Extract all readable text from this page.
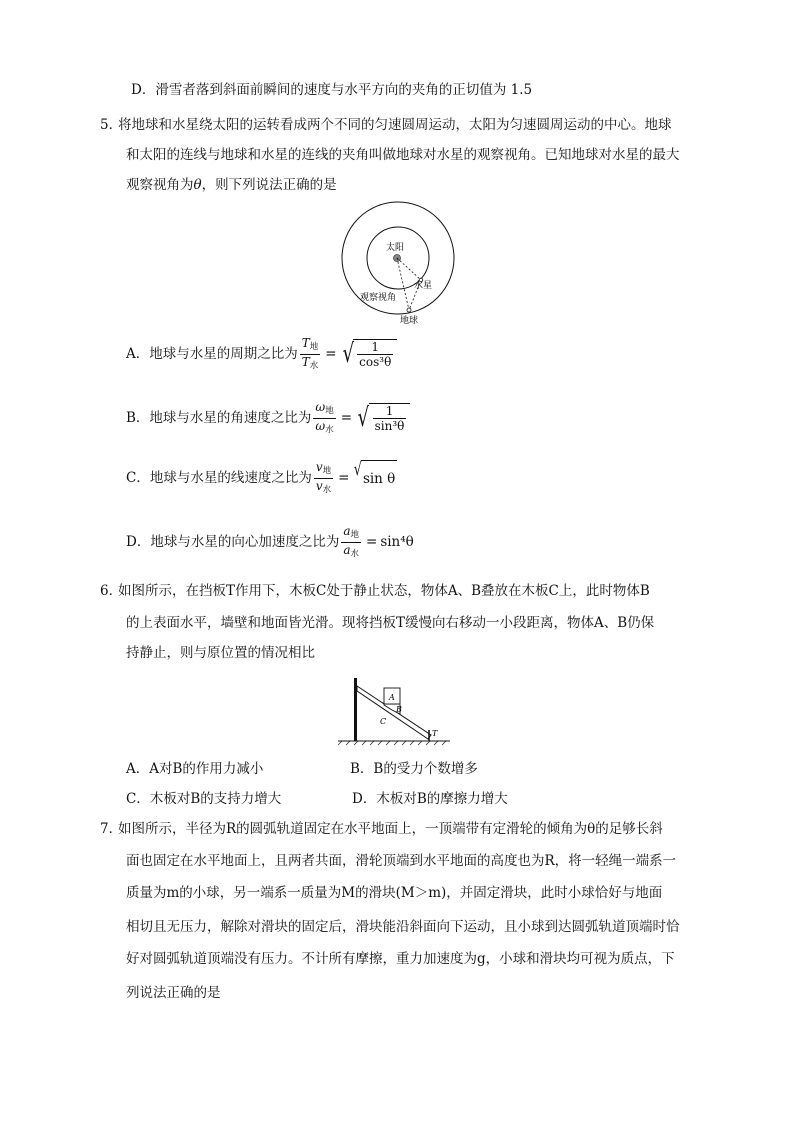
D．滑雪者落到斜面前瞬间的速度与水平方向的夹角的正切值为 1.5
5．
将地球和水星绕太阳的运转看成两个不同的匀速圆周运动，太阳为匀速圆周运动的中心。地球
和太阳的连线与地球和水星的连线的夹角叫做地球对水星的观察视角。已知地球对水星的最大
观察视角为θ，则下列说法正确的是
太阳
水星
观察视角
地球
A．地球与水星的周期之比为 $\frac{T_地}{T_水}$ = √ $\frac{1}{\text{cos³θ}}$
B．地球与水星的角速度之比为 $\frac{\omega_地}{\omega_水}$ = √ $\frac{1}{\text{sin³θ}}$
C．地球与水星的线速度之比为 $\frac{v_地}{v_水}$ = √ sin θ
D．地球与水星的向心加速度之比为 $\frac{a_地}{a_水} = \sin^4\theta$
6．
如图所示，在挡板T作用下，木板C处于静止状态，物体A、B叠放在木板C上，此时物体B
的上表面水平，墙壁和地面皆光滑。现将挡板T缓慢向右移动一小段距离，物体A、B仍保
持静止，则与原位置的情况相比
A
B
C
T
A．A对B的作用力减小	B．B的受力个数增多
C．木板对B的支持力增大	D．木板对B的摩擦力增大
7．
如图所示，半径为R的圆弧轨道固定在水平地面上，一顶端带有定滑轮的倾角为θ的足够长斜
面也固定在水平地面上，且两者共面，滑轮顶端到水平地面的高度也为R，将一轻绳一端系一
质量为m的小球，另一端系一质量为M的滑块(M＞m)，并固定滑块，此时小球恰好与地面
相切且无压力，解除对滑块的固定后，滑块能沿斜面向下运动，且小球到达圆弧轨道顶端时恰
好对圆弧轨道顶端没有压力。不计所有摩擦，重力加速度为g，小球和滑块均可视为质点，下
列说法正确的是
